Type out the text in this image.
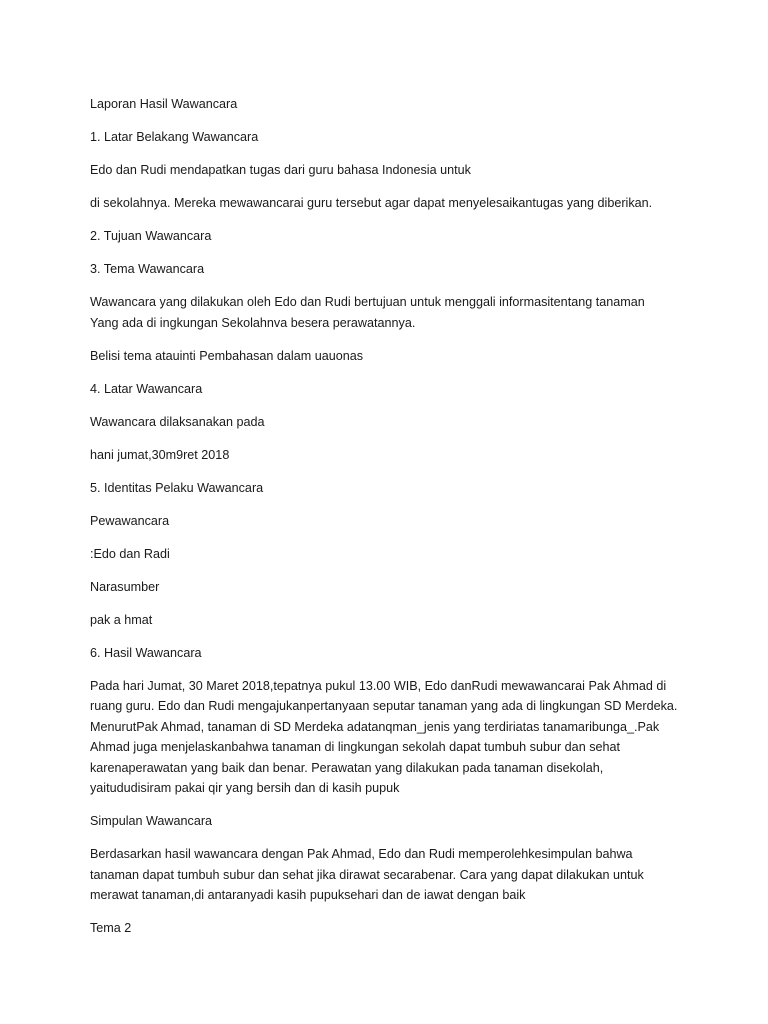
Laporan Hasil Wawancara

1. Latar Belakang Wawancara

Edo dan Rudi mendapatkan tugas dari guru bahasa Indonesia untuk

di sekolahnya. Mereka mewawancarai guru tersebut agar dapat menyelesaikantugas yang diberikan.

2. Tujuan Wawancara

3. Tema Wawancara

Wawancara yang dilakukan oleh Edo dan Rudi bertujuan untuk menggali informasitentang tanaman
Yang ada di ingkungan Sekolahnva besera perawatannya.

Belisi tema atauinti Pembahasan dalam uauonas

4. Latar Wawancara

Wawancara dilaksanakan pada

hani jumat,30m9ret 2018

5. Identitas Pelaku Wawancara

Pewawancara

:Edo dan Radi

Narasumber

pak a hmat

6. Hasil Wawancara

Pada hari Jumat, 30 Maret 2018,tepatnya pukul 13.00 WIB, Edo danRudi mewawancarai Pak Ahmad di
ruang guru. Edo dan Rudi mengajukanpertanyaan seputar tanaman yang ada di lingkungan SD Merdeka.
MenurutPak Ahmad, tanaman di SD Merdeka adatanqman_jenis yang terdiriatas tanamaribunga_.Pak
Ahmad juga menjelaskanbahwa tanaman di lingkungan sekolah dapat tumbuh subur dan sehat
karenaperawatan yang baik dan benar. Perawatan yang dilakukan pada tanaman disekolah,
yaitududisiram pakai qir yang bersih dan di kasih pupuk

Simpulan Wawancara

Berdasarkan hasil wawancara dengan Pak Ahmad, Edo dan Rudi memperolehkesimpulan bahwa
tanaman dapat tumbuh subur dan sehat jika dirawat secarabenar. Cara yang dapat dilakukan untuk
merawat tanaman,di antaranyadi kasih pupuksehari dan de iawat dengan baik

Tema 2
